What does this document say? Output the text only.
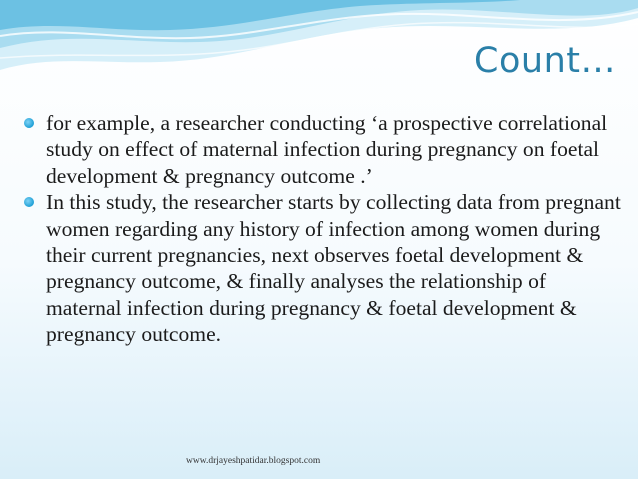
Count…
for example, a researcher conducting ‘a prospective correlational study on effect of maternal infection during pregnancy on foetal development & pregnancy outcome .’
In this study, the researcher starts by collecting data from pregnant women regarding any history of infection among women during their current pregnancies, next observes foetal development & pregnancy outcome, & finally analyses the relationship of maternal infection during pregnancy & foetal development & pregnancy outcome.
www.drjayeshpatidar.blogspot.com
